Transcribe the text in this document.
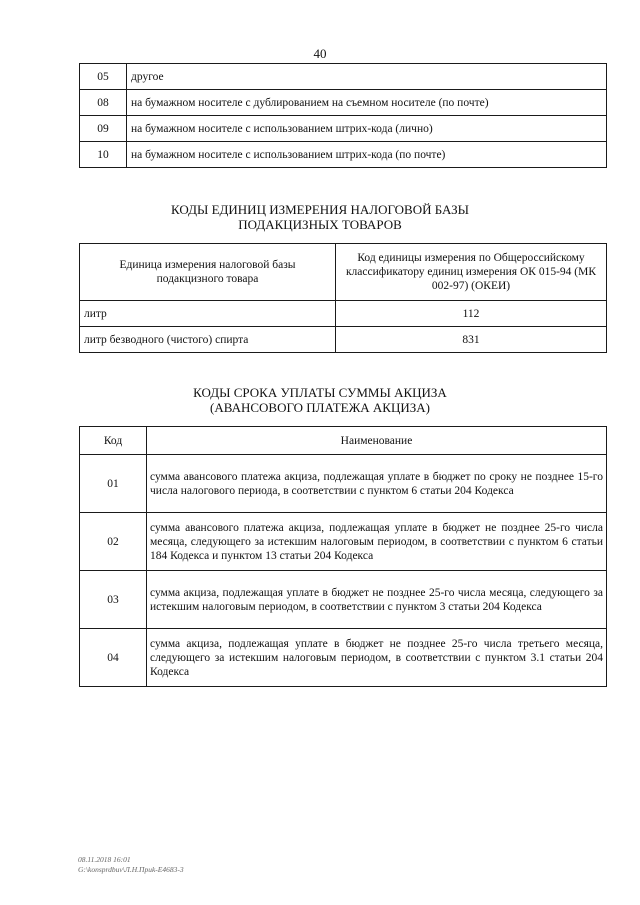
40
05	другое
08	на бумажном носителе с дублированием на съемном носителе (по почте)
09	на бумажном носителе с использованием штрих-кода (лично)
10	на бумажном носителе с использованием штрих-кода (по почте)
КОДЫ ЕДИНИЦ ИЗМЕРЕНИЯ НАЛОГОВОЙ БАЗЫ
ПОДАКЦИЗНЫХ ТОВАРОВ
Единица измерения налоговой базы подакцизного товара	Код единицы измерения по Общероссийскому классификатору единиц измерения ОК 015-94 (МК 002-97) (ОКЕИ)
литр	112
литр безводного (чистого) спирта	831
КОДЫ СРОКА УПЛАТЫ СУММЫ АКЦИЗА
(АВАНСОВОГО ПЛАТЕЖА АКЦИЗА)
Код	Наименование
01	сумма авансового платежа акциза, подлежащая уплате в бюджет по сроку не позднее 15-го числа налогового периода, в соответствии с пунктом 6 статьи 204 Кодекса
02	сумма авансового платежа акциза, подлежащая уплате в бюджет не позднее 25-го числа месяца, следующего за истекшим налоговым периодом, в соответствии с пунктом 6 статьи 184 Кодекса и пунктом 13 статьи 204 Кодекса
03	сумма акциза, подлежащая уплате в бюджет не позднее 25-го числа месяца, следующего за истекшим налоговым периодом, в соответствии с пунктом 3 статьи 204 Кодекса
04	сумма акциза, подлежащая уплате в бюджет не позднее 25-го числа третьего месяца, следующего за истекшим налоговым периодом, в соответствии с пунктом 3.1 статьи 204 Кодекса
08.11.2018 16:01
G:\konsprdbuv\Л.Н.Приk-Е4683-3
